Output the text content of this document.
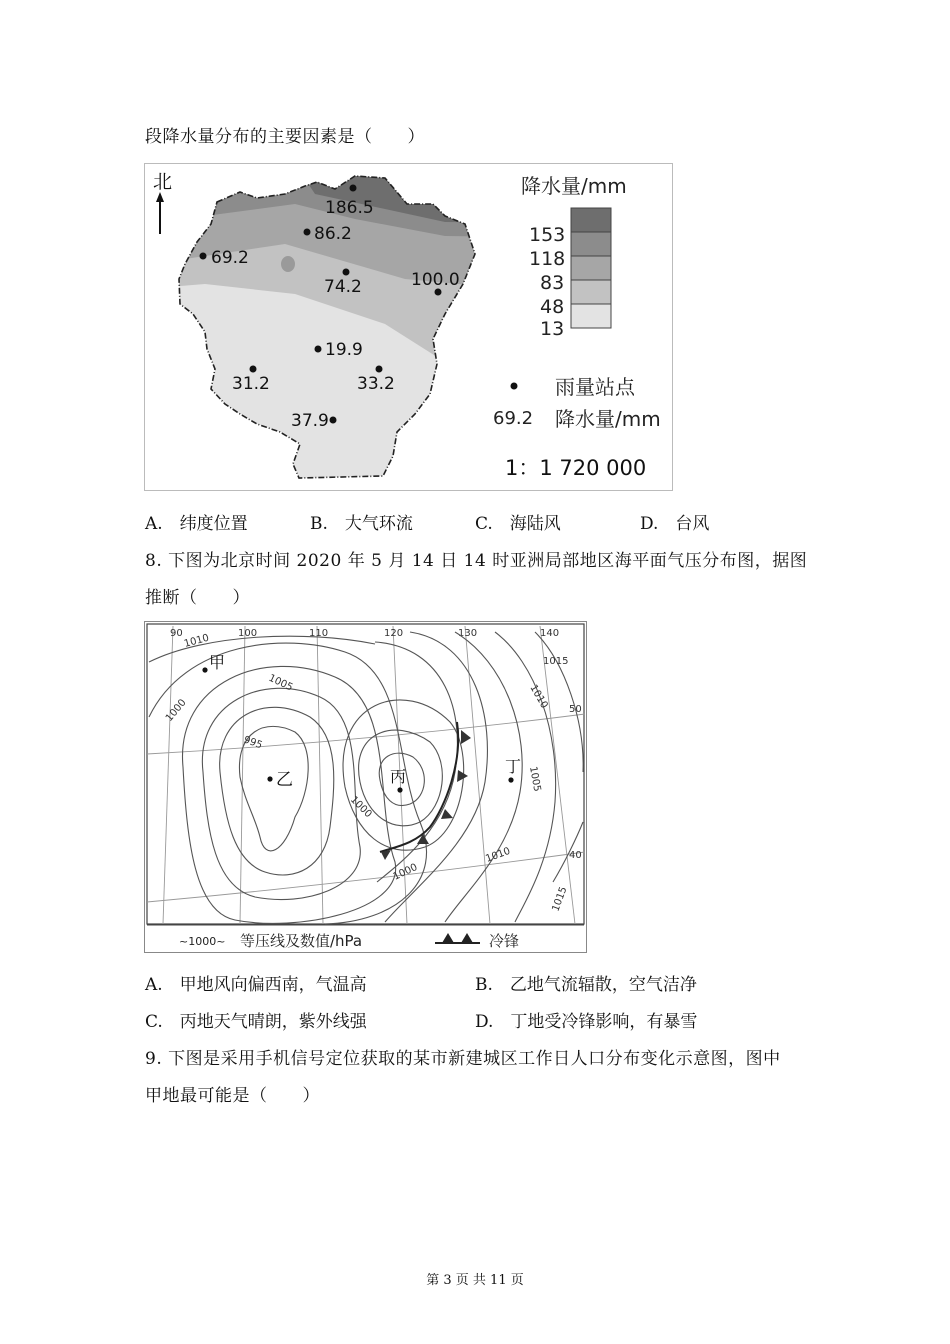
段降水量分布的主要因素是（　　）
北
186.5
86.2
69.2
74.2	100.0
19.9
31.2	33.2
37.9
降水量/mm
153
118
83
48
13
雨量站点
69.2 降水量/mm
1：1 720 000
A.　纬度位置	B.　大气环流	C.　海陆风	D.　台风
8. 下图为北京时间 2020 年 5 月 14 日 14 时亚洲局部地区海平面气压分布图，据图
推断（　　）
90	100	110	120	130	140
50
40
1010
1005
1000
995
1000
1015
1010
1005
1010
1000
1015
甲
乙	丙
丁
~1000~ 等压线及数值/hPa	冷锋
A.　甲地风向偏西南，气温高	B.　乙地气流辐散，空气洁净
C.　丙地天气晴朗，紫外线强	D.　丁地受冷锋影响，有暴雪
9. 下图是采用手机信号定位获取的某市新建城区工作日人口分布变化示意图，图中
甲地最可能是（　　）
第 3 页 共 11 页
